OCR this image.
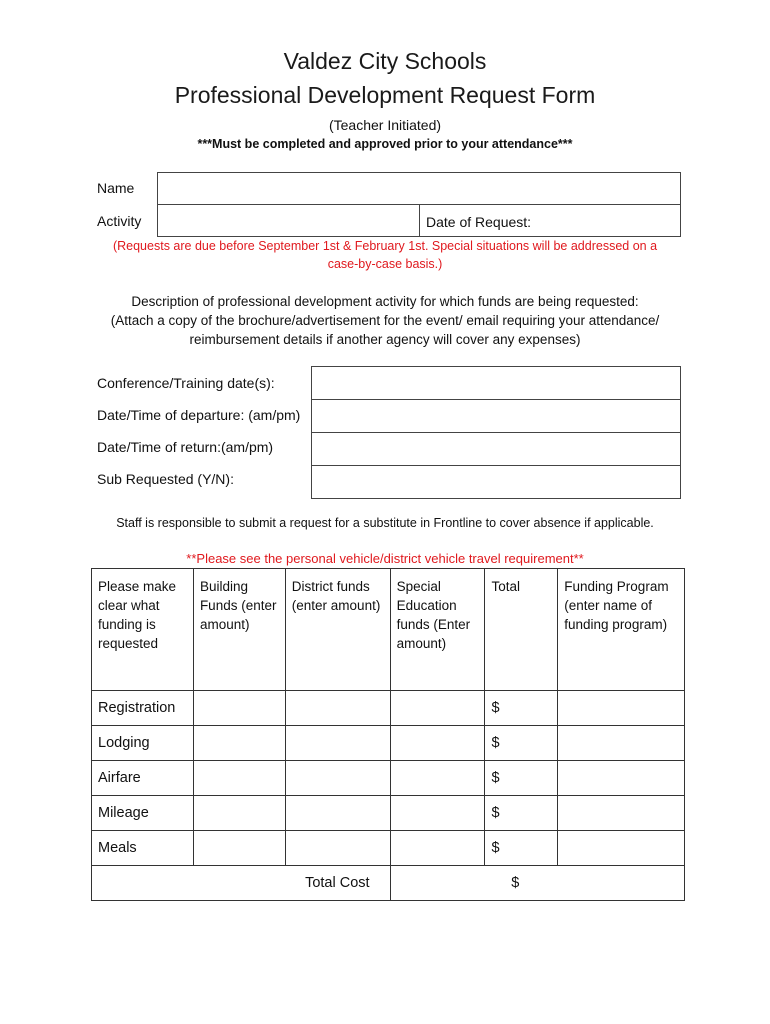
Valdez City Schools
Professional Development Request Form
(Teacher Initiated)
***Must be completed and approved prior to your attendance***
Name
Activity	Date of Request:
(Requests are due before September 1st & February 1st. Special situations will be addressed on a
case-by-case basis.)
Description of professional development activity for which funds are being requested:
(Attach a copy of the brochure/advertisement for the event/ email requiring your attendance/
reimbursement details if another agency will cover any expenses)
Conference/Training date(s):
Date/Time of departure: (am/pm)
Date/Time of return:(am/pm)
Sub Requested (Y/N):
Staff is responsible to submit a request for a substitute in Frontline to cover absence if applicable.
**Please see the personal vehicle/district vehicle travel requirement**
Please make clear what funding is requested	Building Funds (enter amount)	District funds (enter amount)	Special Education funds (Enter amount)	Total	Funding Program (enter name of funding program)
Registration				$	
Lodging				$	
Airfare				$	
Mileage				$	
Meals				$	
Total Cost			$		
